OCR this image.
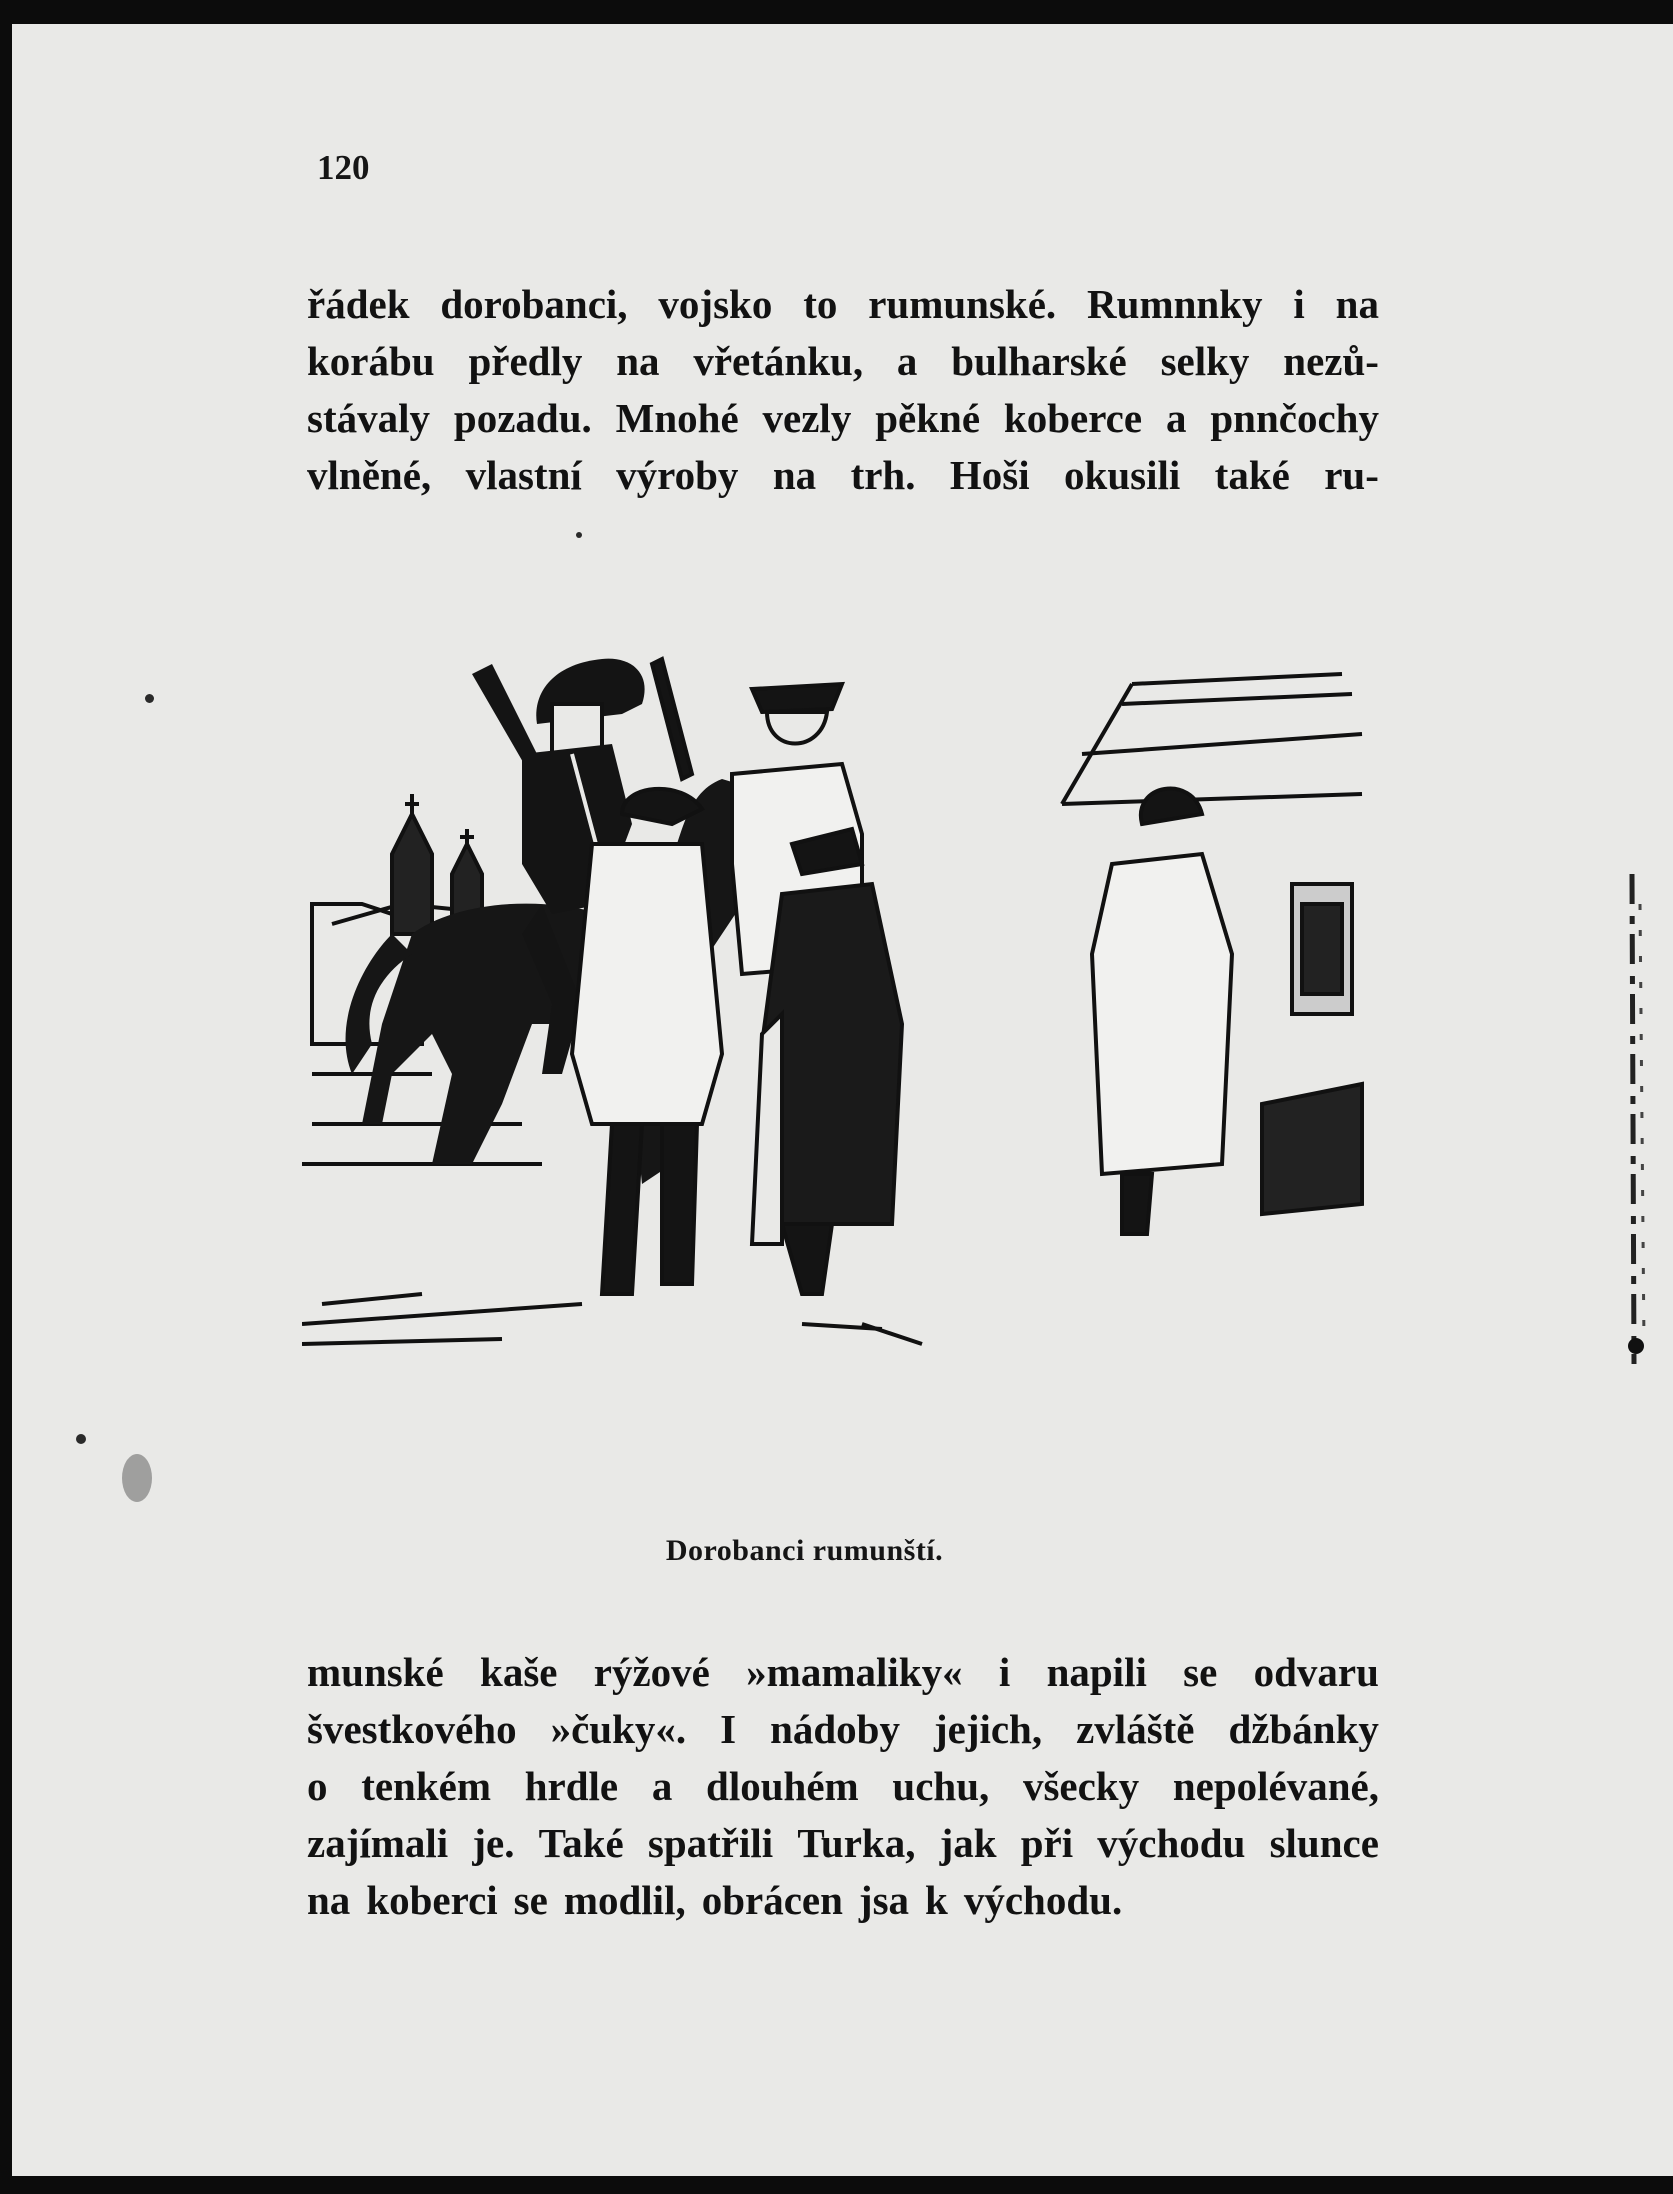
120
řádek dorobanci, vojsko to rumunské. Rumnnky i na
korábu předly na vřetánku, a bulharské selky nezů-
stávaly pozadu. Mnohé vezly pěkné koberce a pnnčochy
vlněné, vlastní výroby na trh. Hoši okusili také ru-
Dorobanci rumunští.
munské kaše rýžové »mamaliky« i napili se odvaru
švestkového »čuky«. I nádoby jejich, zvláště džbánky
o tenkém hrdle a dlouhém uchu, všecky nepolévané,
zajímali je. Také spatřili Turka, jak při východu slunce
na koberci se modlil, obrácen jsa k východu.
